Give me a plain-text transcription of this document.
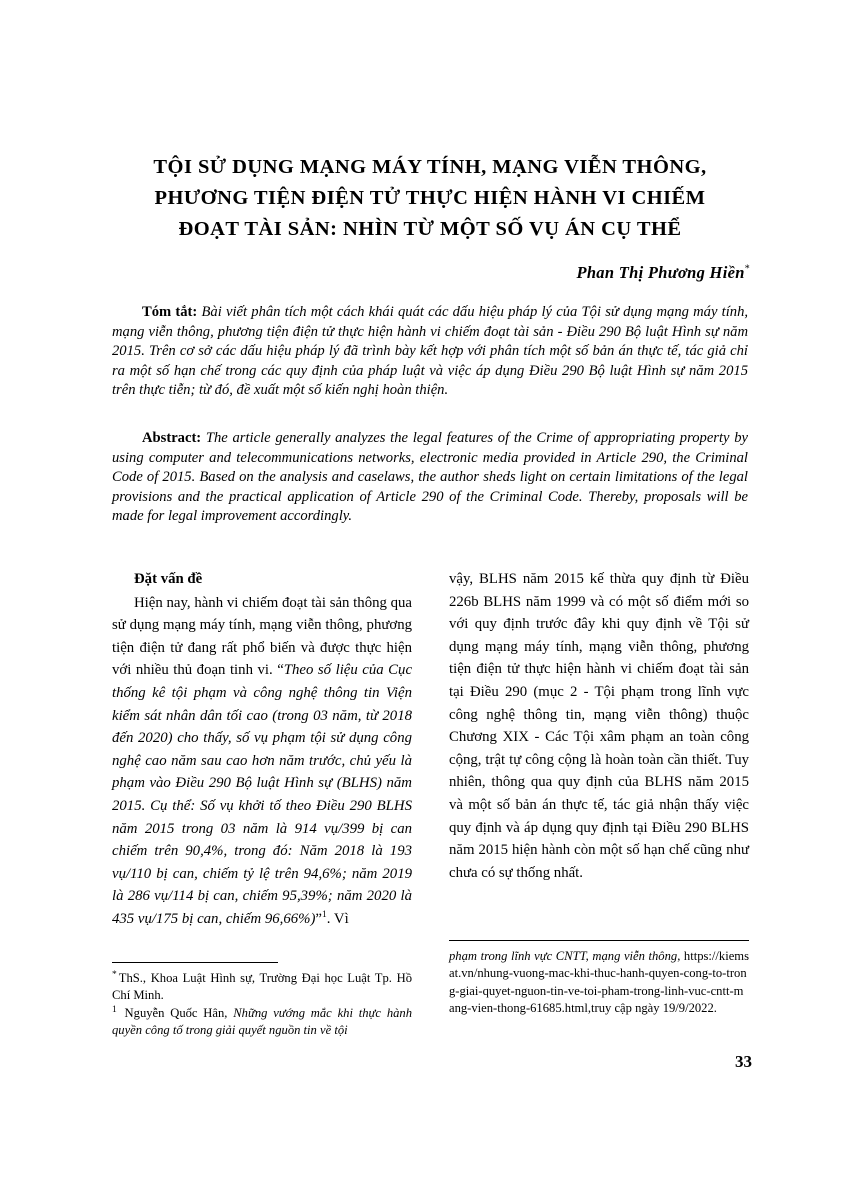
TỘI SỬ DỤNG MẠNG MÁY TÍNH, MẠNG VIỄN THÔNG,
PHƯƠNG TIỆN ĐIỆN TỬ THỰC HIỆN HÀNH VI CHIẾM
ĐOẠT TÀI SẢN: NHÌN TỪ MỘT SỐ VỤ ÁN CỤ THỂ
Phan Thị Phương Hiền*
Tóm tắt: Bài viết phân tích một cách khái quát các dấu hiệu pháp lý của Tội sử dụng mạng máy tính, mạng viễn thông, phương tiện điện tử thực hiện hành vi chiếm đoạt tài sản - Điều 290 Bộ luật Hình sự năm 2015. Trên cơ sở các dấu hiệu pháp lý đã trình bày kết hợp với phân tích một số bản án thực tế, tác giả chỉ ra một số hạn chế trong các quy định của pháp luật và việc áp dụng Điều 290 Bộ luật Hình sự năm 2015 trên thực tiễn; từ đó, đề xuất một số kiến nghị hoàn thiện.
Abstract: The article generally analyzes the legal features of the Crime of appropriating property by using computer and telecommunications networks, electronic media provided in Article 290, the Criminal Code of 2015. Based on the analysis and caselaws, the author sheds light on certain limitations of the legal provisions and the practical application of Article 290 of the Criminal Code. Thereby, proposals will be made for legal improvement accordingly.
Đặt vấn đề

Hiện nay, hành vi chiếm đoạt tài sản thông qua sử dụng mạng máy tính, mạng viễn thông, phương tiện điện tử đang rất phổ biến và được thực hiện với nhiều thủ đoạn tinh vi. “Theo số liệu của Cục thống kê tội phạm và công nghệ thông tin Viện kiểm sát nhân dân tối cao (trong 03 năm, từ 2018 đến 2020) cho thấy, số vụ phạm tội sử dụng công nghệ cao năm sau cao hơn năm trước, chủ yếu là phạm vào Điều 290 Bộ luật Hình sự (BLHS) năm 2015. Cụ thể: Số vụ khởi tố theo Điều 290 BLHS năm 2015 trong 03 năm là 914 vụ/399 bị can chiếm trên 90,4%, trong đó: Năm 2018 là 193 vụ/110 bị can, chiếm tỷ lệ trên 94,6%; năm 2019 là 286 vụ/114 bị can, chiếm 95,39%; năm 2020 là 435 vụ/175 bị can, chiếm 96,66%)”$^1$. Vì

vậy, BLHS năm 2015 kế thừa quy định từ Điều 226b BLHS năm 1999 và có một số điểm mới so với quy định trước đây khi quy định về Tội sử dụng mạng máy tính, mạng viễn thông, phương tiện điện tử thực hiện hành vi chiếm đoạt tài sản tại Điều 290 (mục 2 - Tội phạm trong lĩnh vực công nghệ thông tin, mạng viễn thông) thuộc Chương XIX - Các Tội xâm phạm an toàn công cộng, trật tự công cộng là hoàn toàn cần thiết. Tuy nhiên, thông qua quy định của BLHS năm 2015 và một số bản án thực tế, tác giả nhận thấy việc quy định và áp dụng quy định tại Điều 290 BLHS năm 2015 hiện hành còn một số hạn chế cũng như chưa có sự thống nhất.

* ThS., Khoa Luật Hình sự, Trường Đại học Luật Tp. Hồ Chí Minh.

$^1$ Nguyễn Quốc Hân, Những vướng mắc khi thực hành quyền công tố trong giải quyết nguồn tin về tội

phạm trong lĩnh vực CNTT, mạng viễn thông, https://kiemsat.vn/nhung-vuong-mac-khi-thuc-hanh-quyen-cong-to-trong-giai-quyet-nguon-tin-ve-toi-pham-trong-linh-vuc-cntt-mang-vien-thong-61685.html,truy cập ngày 19/9/2022.

33
